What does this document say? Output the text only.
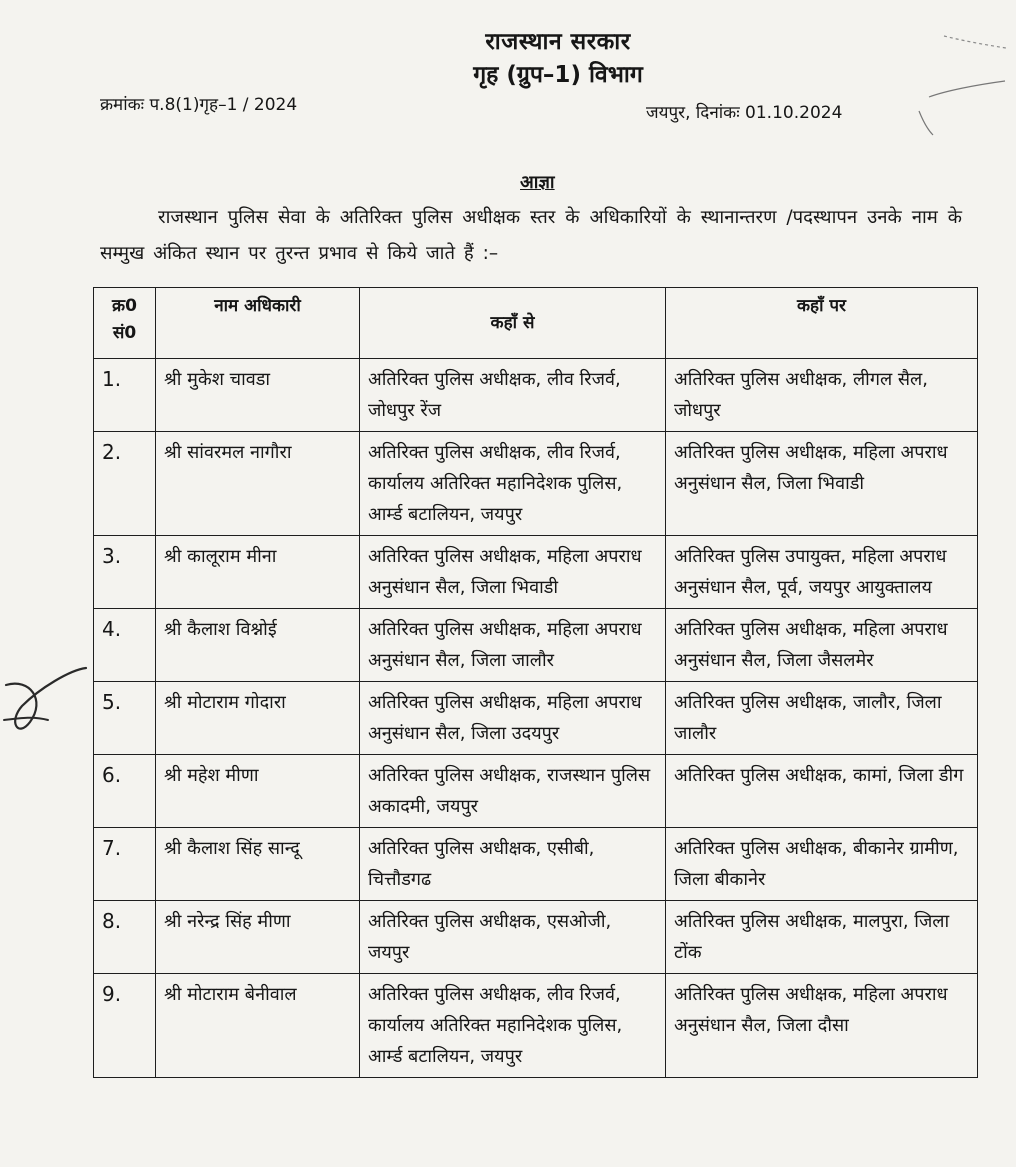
राजस्थान सरकार
गृह (ग्रुप–1) विभाग
क्रमांकः प.8(1)गृह–1 / 2024	जयपुर, दिनांकः 01.10.2024
आज्ञा
राजस्थान पुलिस सेवा के अतिरिक्त पुलिस अधीक्षक स्तर के अधिकारियों के स्थानान्तरण /पदस्थापन उनके नाम के सम्मुख अंकित स्थान पर तुरन्त प्रभाव से किये जाते हैं :–
क्र0 सं0	नाम अधिकारी	कहाँ से	कहाँ पर
1.	श्री मुकेश चावडा	अतिरिक्त पुलिस अधीक्षक, लीव रिजर्व, जोधपुर रेंज	अतिरिक्त पुलिस अधीक्षक, लीगल सैल, जोधपुर
2.	श्री सांवरमल नागौरा	अतिरिक्त पुलिस अधीक्षक, लीव रिजर्व, कार्यालय अतिरिक्त महानिदेशक पुलिस, आर्म्ड बटालियन, जयपुर	अतिरिक्त पुलिस अधीक्षक, महिला अपराध अनुसंधान सैल, जिला भिवाडी
3.	श्री कालूराम मीना	अतिरिक्त पुलिस अधीक्षक, महिला अपराध अनुसंधान सैल, जिला भिवाडी	अतिरिक्त पुलिस उपायुक्त, महिला अपराध अनुसंधान सैल, पूर्व, जयपुर आयुक्तालय
4.	श्री कैलाश विश्नोई	अतिरिक्त पुलिस अधीक्षक, महिला अपराध अनुसंधान सैल, जिला जालौर	अतिरिक्त पुलिस अधीक्षक, महिला अपराध अनुसंधान सैल, जिला जैसलमेर
5.	श्री मोटाराम गोदारा	अतिरिक्त पुलिस अधीक्षक, महिला अपराध अनुसंधान सैल, जिला उदयपुर	अतिरिक्त पुलिस अधीक्षक, जालौर, जिला जालौर
6.	श्री महेश मीणा	अतिरिक्त पुलिस अधीक्षक, राजस्थान पुलिस अकादमी, जयपुर	अतिरिक्त पुलिस अधीक्षक, कामां, जिला डीग
7.	श्री कैलाश सिंह सान्दू	अतिरिक्त पुलिस अधीक्षक, एसीबी, चित्तौडगढ	अतिरिक्त पुलिस अधीक्षक, बीकानेर ग्रामीण, जिला बीकानेर
8.	श्री नरेन्द्र सिंह मीणा	अतिरिक्त पुलिस अधीक्षक, एसओजी, जयपुर	अतिरिक्त पुलिस अधीक्षक, मालपुरा, जिला टोंक
9.	श्री मोटाराम बेनीवाल	अतिरिक्त पुलिस अधीक्षक, लीव रिजर्व, कार्यालय अतिरिक्त महानिदेशक पुलिस, आर्म्ड बटालियन, जयपुर	अतिरिक्त पुलिस अधीक्षक, महिला अपराध अनुसंधान सैल, जिला दौसा
